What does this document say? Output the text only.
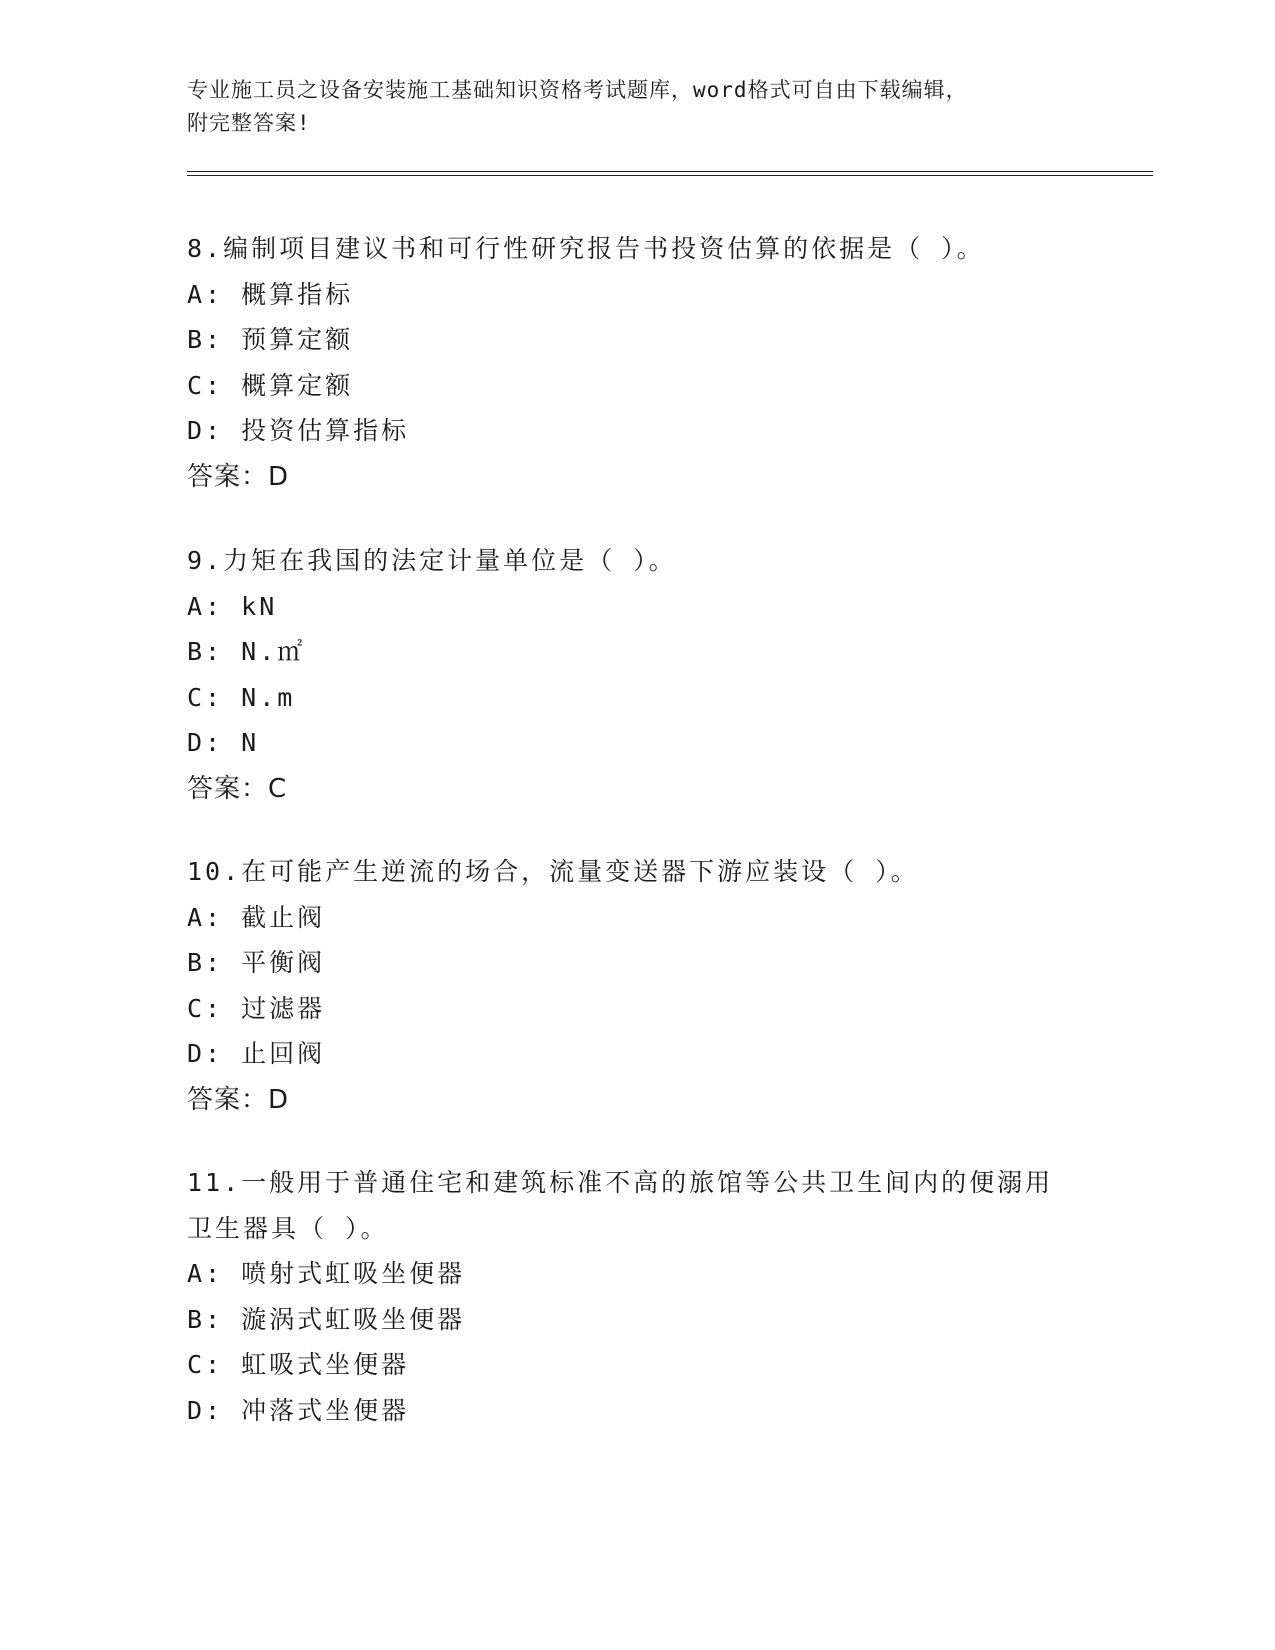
专业施工员之设备安装施工基础知识资格考试题库，word格式可自由下载编辑，
附完整答案!
8.编制项目建议书和可行性研究报告书投资估算的依据是（ ）。
A: 概算指标
B: 预算定额
C: 概算定额
D: 投资估算指标
答案：D
9.力矩在我国的法定计量单位是（ ）。
A: kN
B: N.㎡
C: N.m
D: N
答案：C
10.在可能产生逆流的场合，流量变送器下游应装设（ ）。
A: 截止阀
B: 平衡阀
C: 过滤器
D: 止回阀
答案：D
11.一般用于普通住宅和建筑标准不高的旅馆等公共卫生间内的便溺用
卫生器具（ ）。
A: 喷射式虹吸坐便器
B: 漩涡式虹吸坐便器
C: 虹吸式坐便器
D: 冲落式坐便器
